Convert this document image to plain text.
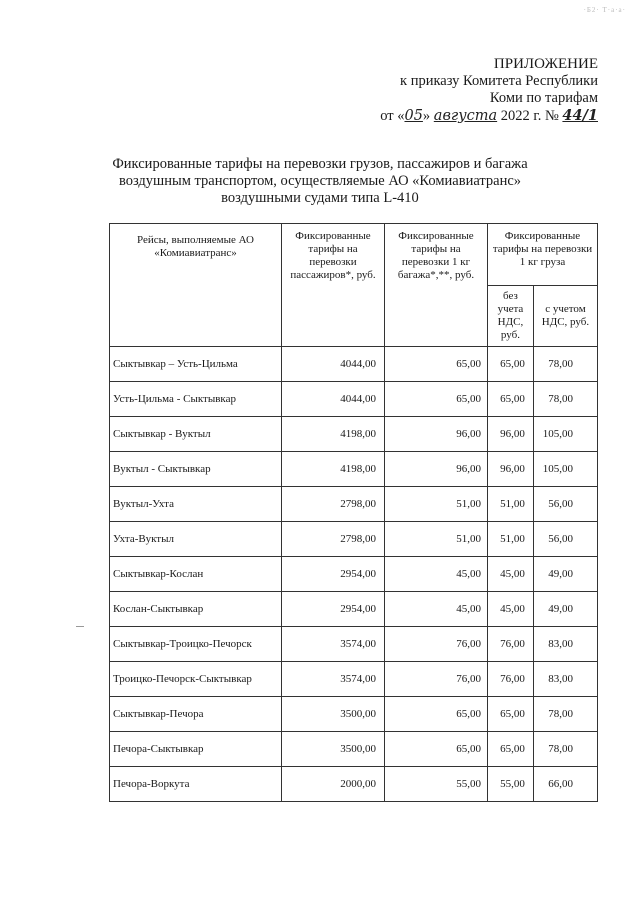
·Б2· Т·а·а·
ПРИЛОЖЕНИЕ
к приказу Комитета Республики
Коми по тарифам
от «05» августа 2022 г. № 44/1
Фиксированные тарифы на перевозки грузов, пассажиров и багажа
воздушным транспортом, осуществляемые АО «Комиавиатранс»
воздушными судами типа L-410
Рейсы, выполняемые АО «Комиавиатранс»	Фиксированные тарифы на перевозки пассажиров*, руб.	Фиксированные тарифы на перевозки 1 кг багажа*,**, руб.	Фиксированные тарифы на перевозки 1 кг груза	
			без учета НДС, руб.	с учетом НДС, руб.
Сыктывкар – Усть-Цильма	4044,00	65,00	65,00	78,00
Усть-Цильма - Сыктывкар	4044,00	65,00	65,00	78,00
Сыктывкар - Вуктыл	4198,00	96,00	96,00	105,00
Вуктыл - Сыктывкар	4198,00	96,00	96,00	105,00
Вуктыл-Ухта	2798,00	51,00	51,00	56,00
Ухта-Вуктыл	2798,00	51,00	51,00	56,00
Сыктывкар-Кослан	2954,00	45,00	45,00	49,00
Кослан-Сыктывкар	2954,00	45,00	45,00	49,00
Сыктывкар-Троицко-Печорск	3574,00	76,00	76,00	83,00
Троицко-Печорск-Сыктывкар	3574,00	76,00	76,00	83,00
Сыктывкар-Печора	3500,00	65,00	65,00	78,00
Печора-Сыктывкар	3500,00	65,00	65,00	78,00
Печора-Воркута	2000,00	55,00	55,00	66,00
